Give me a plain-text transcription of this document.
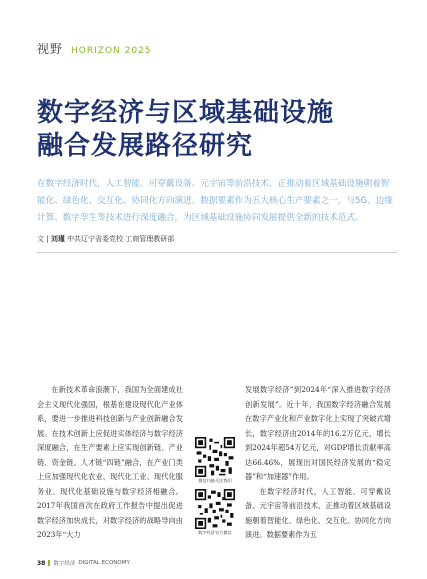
视野 HORIZON 2025
数字经济与区域基础设施
融合发展路径研究
在数字经济时代，人工智能、可穿戴设备、元宇宙等前沿技术，正推动着区域基础设施朝着智能化、绿色化、交互化、协同化方向演进。数据要素作为五大核心生产要素之一，与5G、边缘计算、数字孪生等技术进行深度融合，为区域基础设施协同发展提供全新的技术范式。
文 | 刘瑾 中共辽宁省委党校 工商管理教研部

在新技术革命浪潮下，我国为全面建成社会主义现代化强国，根基在建设现代化产业体系，要进一步推进科技创新与产业创新融合发展。在技术创新上应促进实体经济与数字经济深度融合，在生产要素上应实现创新链、产业链、资金链、人才链“四链”融合，在产业门类上应加强现代化农业、现代化工业、现代化服务业、现代化基础设施与数字经济相融合。2017年我国首次在政府工作报告中提出促进数字经济加快成长，对数字经济的战略导向由2023年“大力

微信扫描关注我们
数字经济官方微信

发展数字经济”到2024年“深入推进数字经济创新发展”。近十年，我国数字经济融合发展在数字产业化和产业数字化上实现了突破式增长，数字经济由2014年的16.2万亿元，增长到2024年超54万亿元，对GDP增长贡献率高达66.46%，展现出对国民经济发展的“稳定器”和“加速器”作用。

在数字经济时代，人工智能、可穿戴设备、元宇宙等前沿技术，正推动着区域基础设施朝着智能化、绿色化、交互化、协同化方向演进。数据要素作为五

38 数字经济 DIGITAL ECONOMY
